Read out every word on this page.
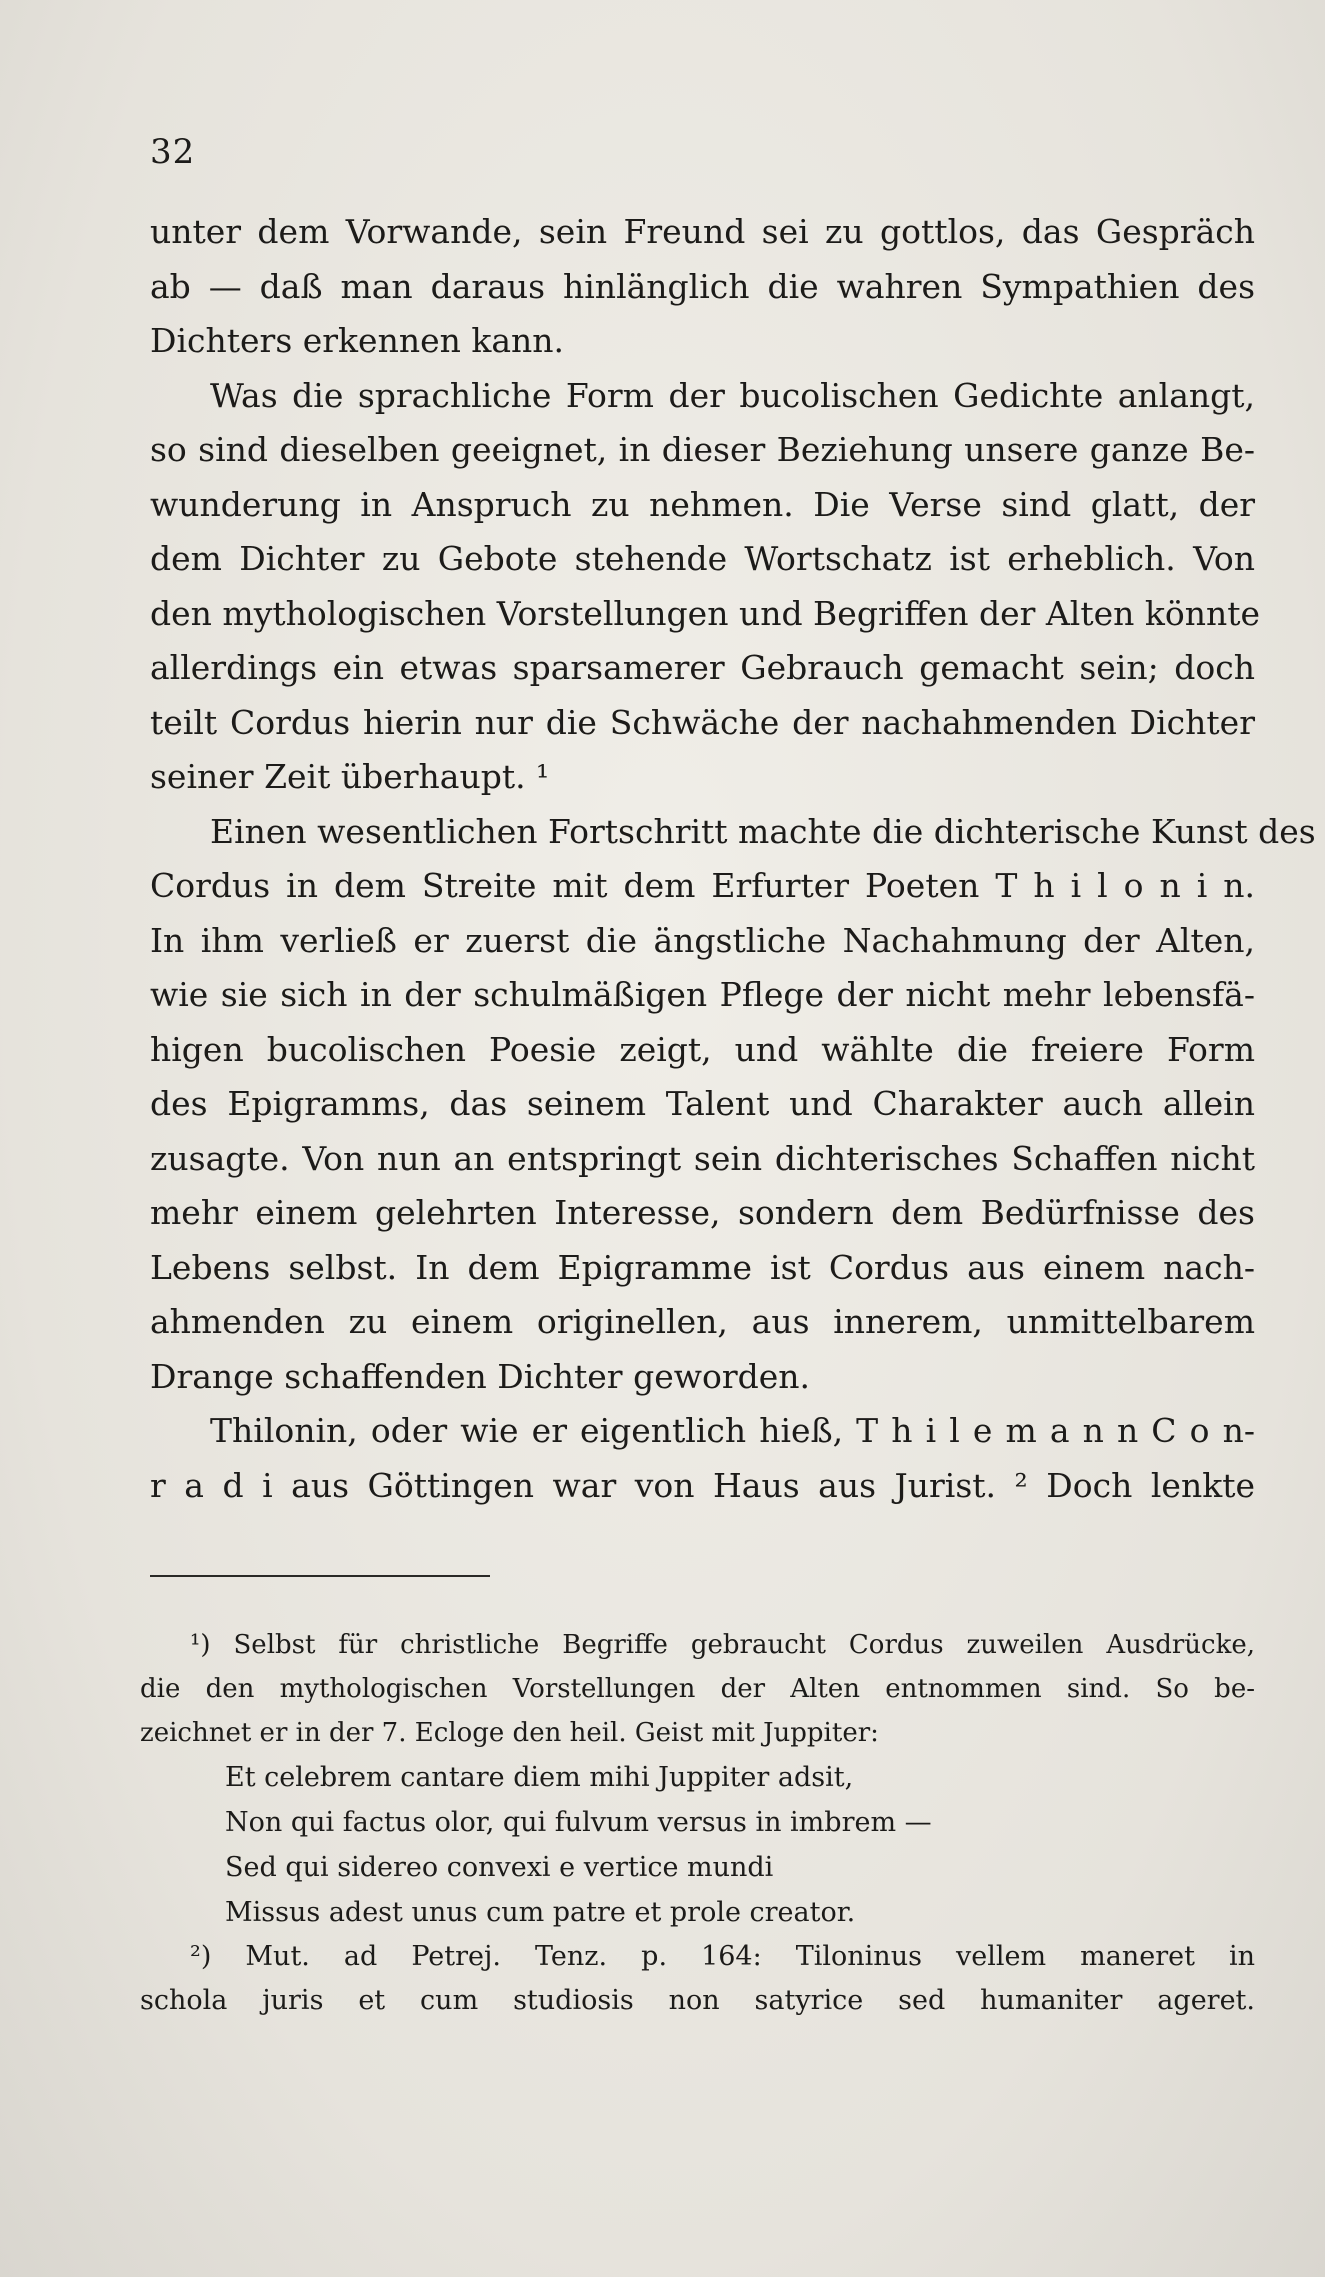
32
unter dem Vorwande, sein Freund sei zu gottlos, das Gespräch
ab — daß man daraus hinlänglich die wahren Sympathien des
Dichters erkennen kann.
Was die sprachliche Form der bucolischen Gedichte anlangt,
so sind dieselben geeignet, in dieser Beziehung unsere ganze Be-
wunderung in Anspruch zu nehmen. Die Verse sind glatt, der
dem Dichter zu Gebote stehende Wortschatz ist erheblich. Von
den mythologischen Vorstellungen und Begriffen der Alten könnte
allerdings ein etwas sparsamerer Gebrauch gemacht sein; doch
teilt Cordus hierin nur die Schwäche der nachahmenden Dichter
seiner Zeit überhaupt. ¹
Einen wesentlichen Fortschritt machte die dichterische Kunst des
Cordus in dem Streite mit dem Erfurter Poeten T h i l o n i n.
In ihm verließ er zuerst die ängstliche Nachahmung der Alten,
wie sie sich in der schulmäßigen Pflege der nicht mehr lebensfä-
higen bucolischen Poesie zeigt, und wählte die freiere Form
des Epigramms, das seinem Talent und Charakter auch allein
zusagte. Von nun an entspringt sein dichterisches Schaffen nicht
mehr einem gelehrten Interesse, sondern dem Bedürfnisse des
Lebens selbst. In dem Epigramme ist Cordus aus einem nach-
ahmenden zu einem originellen, aus innerem, unmittelbarem
Drange schaffenden Dichter geworden.
Thilonin, oder wie er eigentlich hieß, T h i l e m a n n C o n-
r a d i aus Göttingen war von Haus aus Jurist. ² Doch lenkte
¹) Selbst für christliche Begriffe gebraucht Cordus zuweilen Ausdrücke,
die den mythologischen Vorstellungen der Alten entnommen sind. So be-
zeichnet er in der 7. Ecloge den heil. Geist mit Juppiter:
Et celebrem cantare diem mihi Juppiter adsit,
Non qui factus olor, qui fulvum versus in imbrem —
Sed qui sidereo convexi e vertice mundi
Missus adest unus cum patre et prole creator.
²) Mut. ad Petrej. Tenz. p. 164: Tiloninus vellem maneret in
schola juris et cum studiosis non satyrice sed humaniter ageret.
